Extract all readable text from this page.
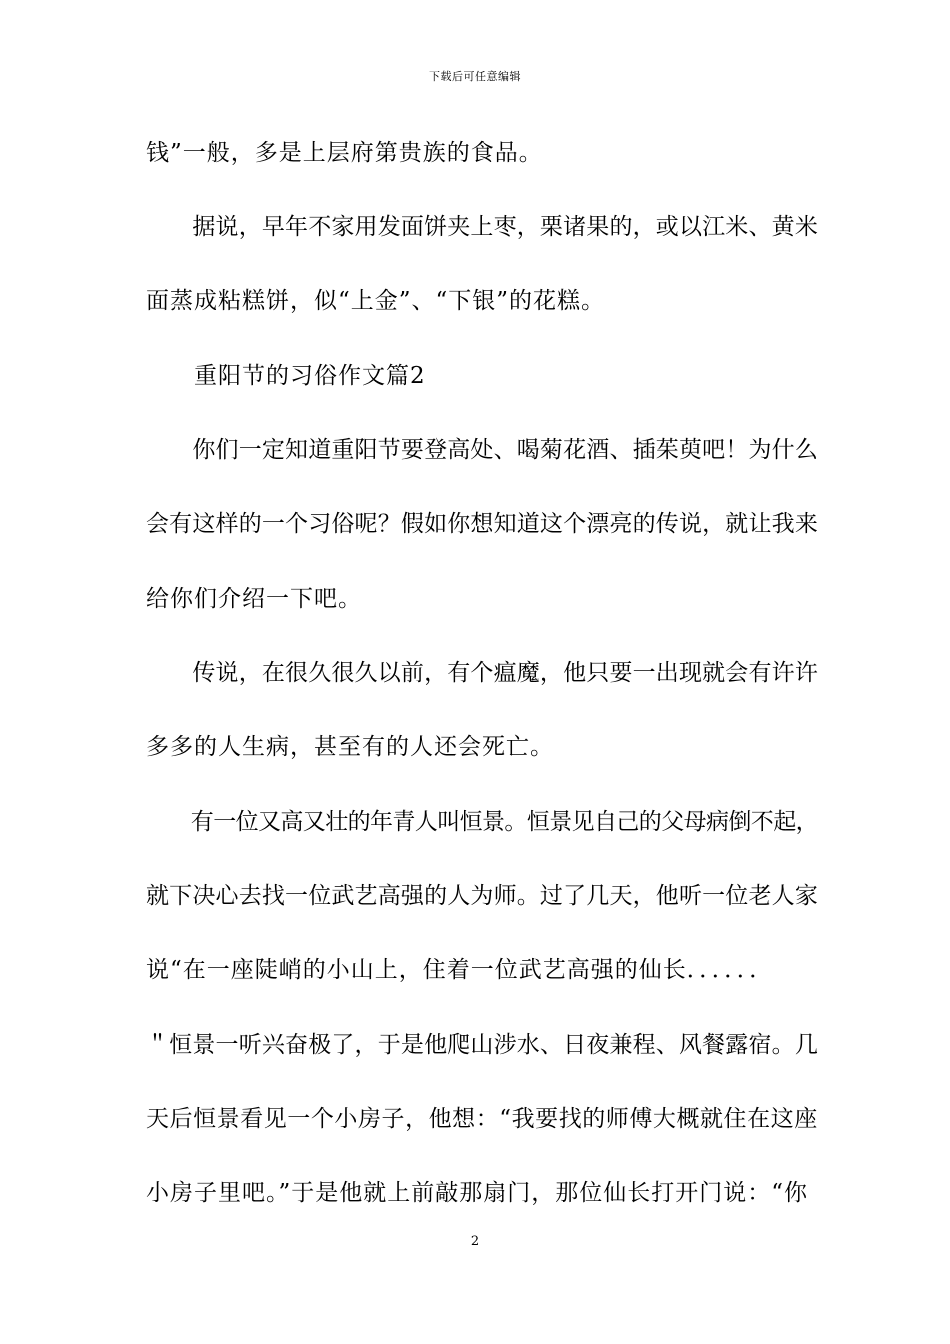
下载后可任意编辑
钱”一般，多是上层府第贵族的食品。
　　据说，早年不家用发面饼夹上枣，栗诸果的，或以江米、黄米
面蒸成粘糕饼，似“上金”、“下银”的花糕。
　　重阳节的习俗作文篇2
　　你们一定知道重阳节要登高处、喝菊花酒、插茱萸吧！为什么
会有这样的一个习俗呢？假如你想知道这个漂亮的传说，就让我来
给你们介绍一下吧。
　　传说，在很久很久以前，有个瘟魔，他只要一出现就会有许许
多多的人生病，甚至有的人还会死亡。
　　有一位又高又壮的年青人叫恒景。恒景见自己的父母病倒不起，
就下决心去找一位武艺高强的人为师。过了几天，他听一位老人家
说“在一座陡峭的小山上，住着一位武艺高强的仙长．．．．．．
＂恒景一听兴奋极了，于是他爬山涉水、日夜兼程、风餐露宿。几
天后恒景看见一个小房子，他想：“我要找的师傅大概就住在这座
小房子里吧。”于是他就上前敲那扇门，那位仙长打开门说：“你
2
